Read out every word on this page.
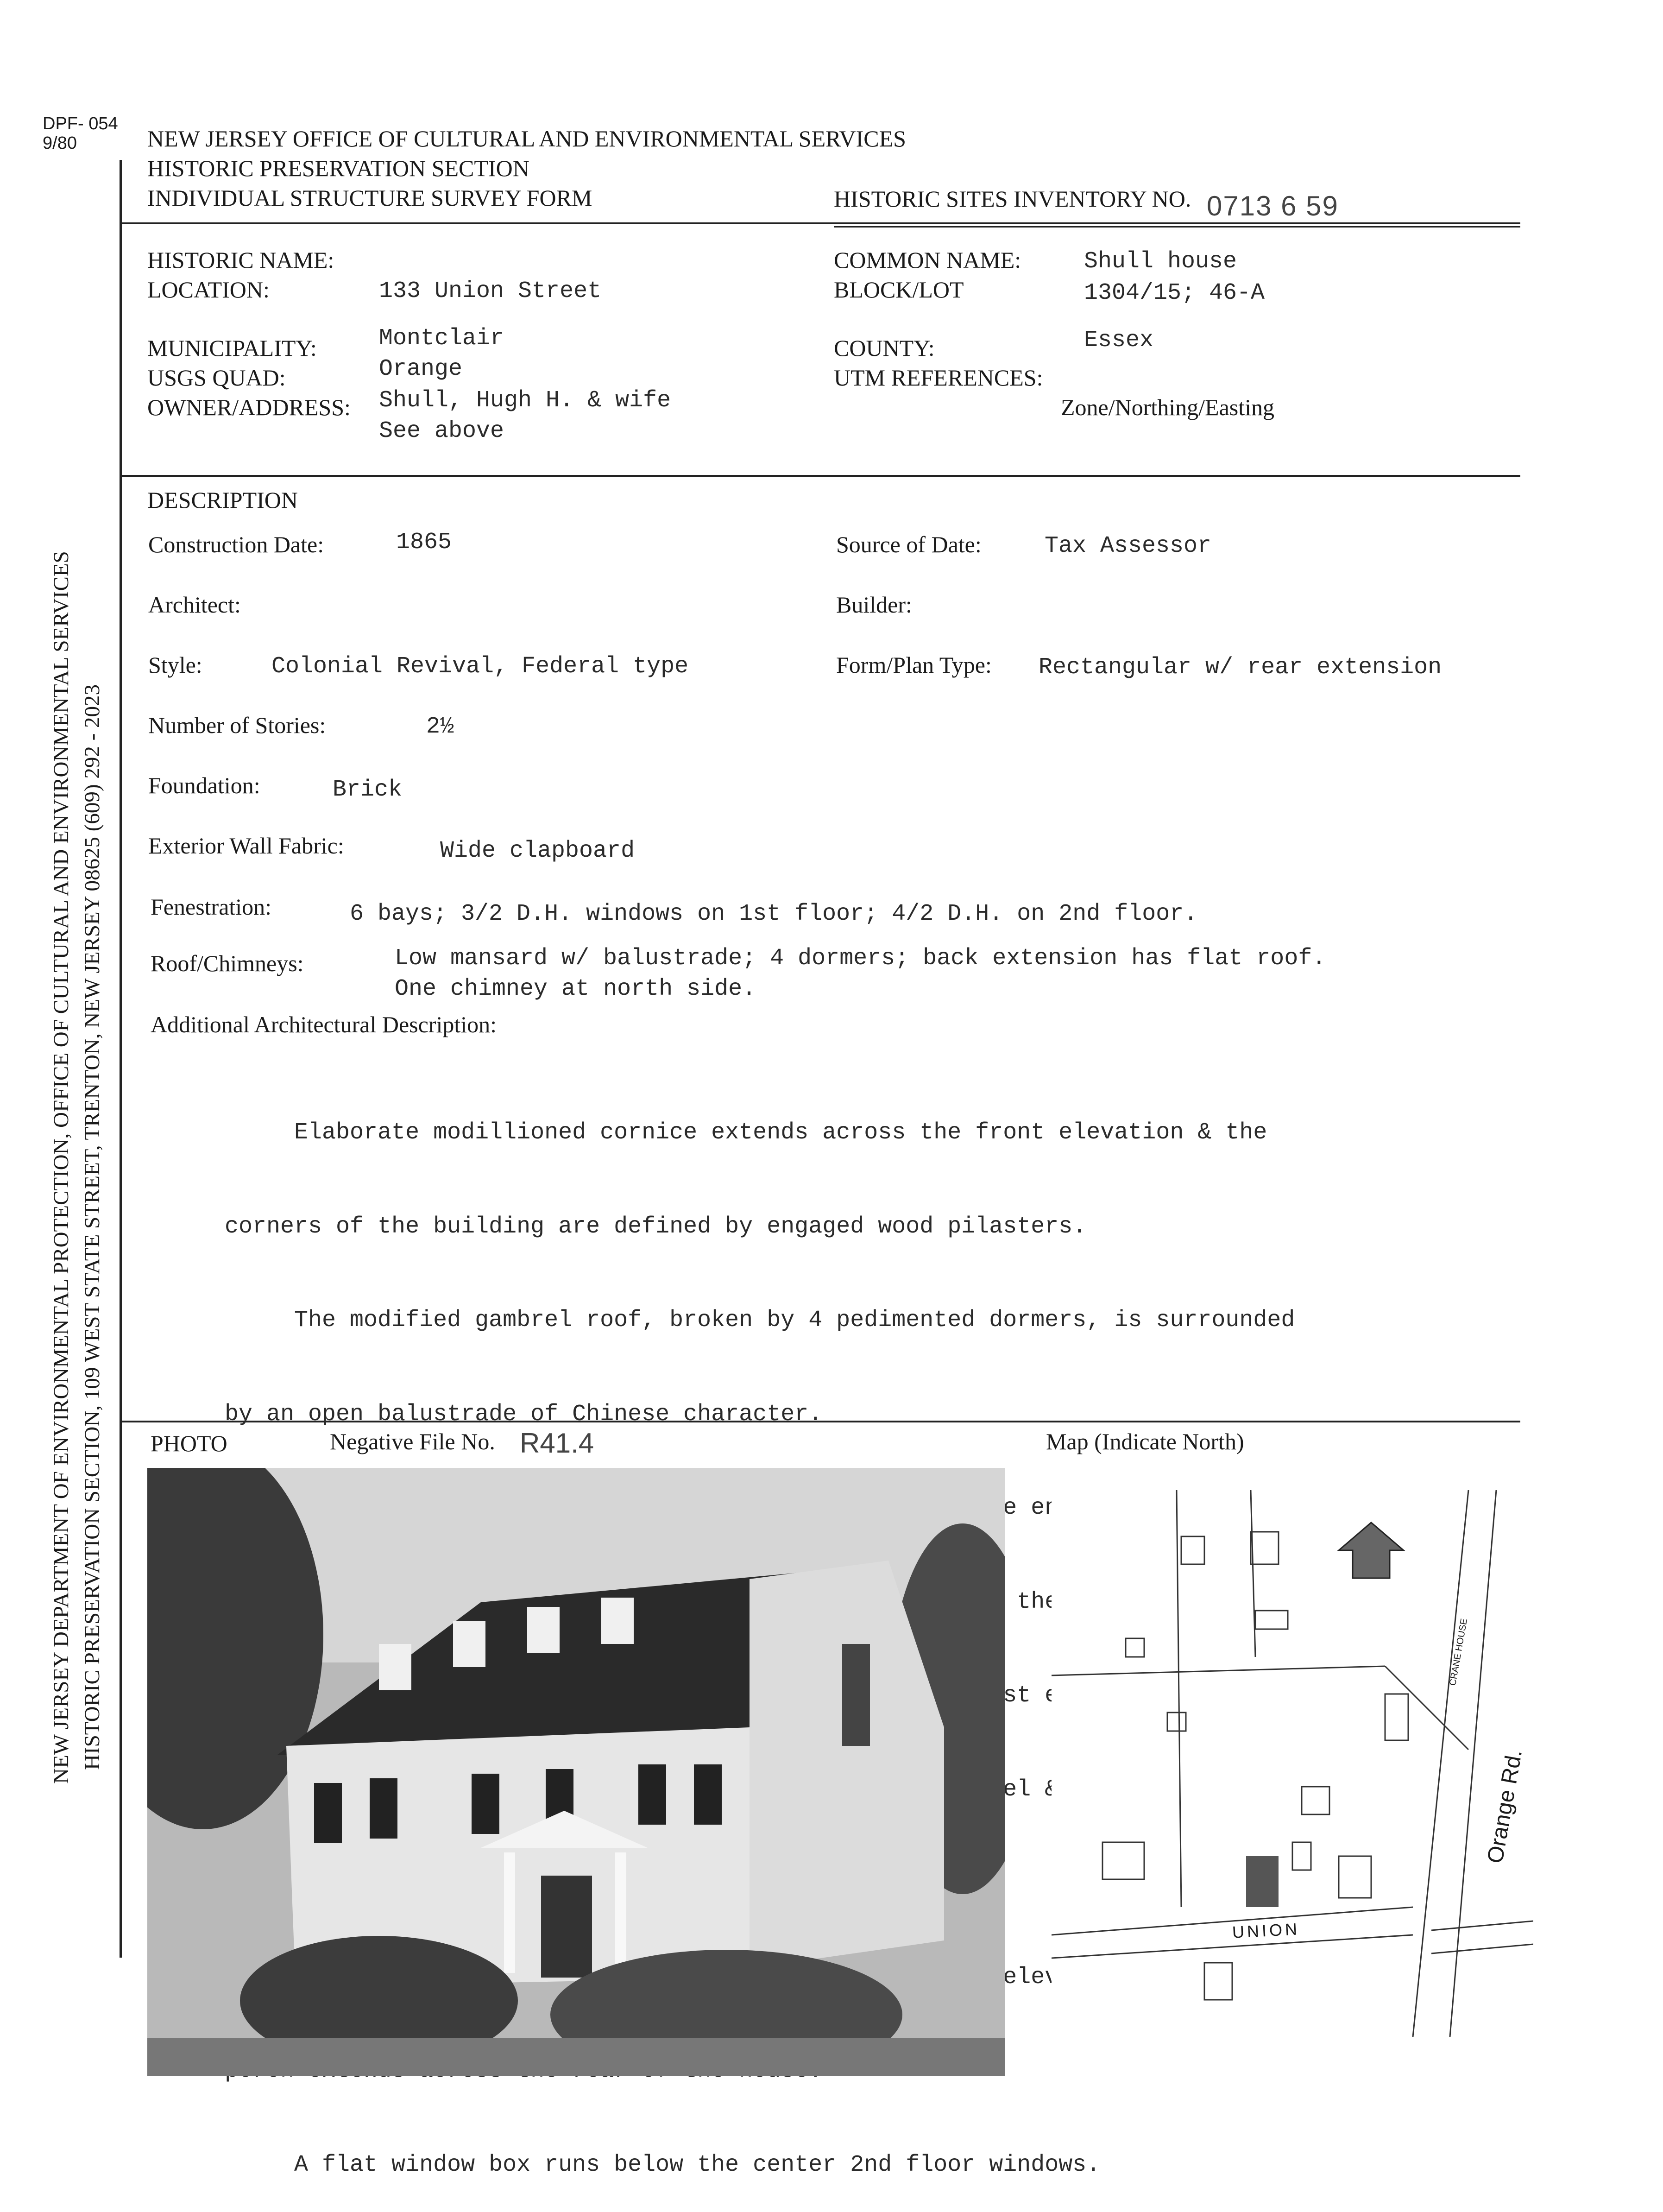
DPF- 054
9/80	NEW JERSEY OFFICE OF CULTURAL AND ENVIRONMENTAL SERVICES
HISTORIC PRESERVATION SECTION
INDIVIDUAL STRUCTURE SURVEY FORM	HISTORIC SITES INVENTORY NO. 0713 6 59
NEW JERSEY DEPARTMENT OF ENVIRONMENTAL PROTECTION, OFFICE OF CULTURAL AND ENVIRONMENTAL SERVICES HISTORIC PRESERVATION SECTION, 109 WEST STATE STREET, TRENTON, NEW JERSEY 08625 (609) 292 - 2023
HISTORIC NAME:
LOCATION:	133 Union Street
MUNICIPALITY:	Montclair
USGS QUAD:	Orange
OWNER/ADDRESS: Shull, Hugh H. & wife
See above
COMMON NAME:	Shull house
BLOCK/LOT	1304/15; 46-A
COUNTY:	Essex
UTM REFERENCES:
Zone/Northing/Easting
DESCRIPTION
Construction Date:	1865	Source of Date:	Tax Assessor
Architect:	Builder:
Style:	Colonial Revival, Federal type	Form/Plan Type: Rectangular w/ rear extension
Number of Stories:	2½
Foundation:	Brick
Exterior Wall Fabric:	Wide clapboard
Fenestration:	6 bays; 3/2 D.H. windows on 1st floor; 4/2 D.H. on 2nd floor.
Roof/Chimneys:	Low mansard w/ balustrade; 4 dormers; back extension has flat roof.
One chimney at north side.
Additional Architectural Description:

Elaborate modillioned cornice extends across the front elevation & the

corners of the building are defined by engaged wood pilasters.

The modified gambrel roof, broken by 4 pedimented dormers, is surrounded

by an open balustrade of Chinese character.

the

A flat window box runs below the center 2nd floor windows.

PHOTO	Negative File No. R41.4	Map (Indicate North)
UNION
Orange Rd.
CRANE HOUSE
